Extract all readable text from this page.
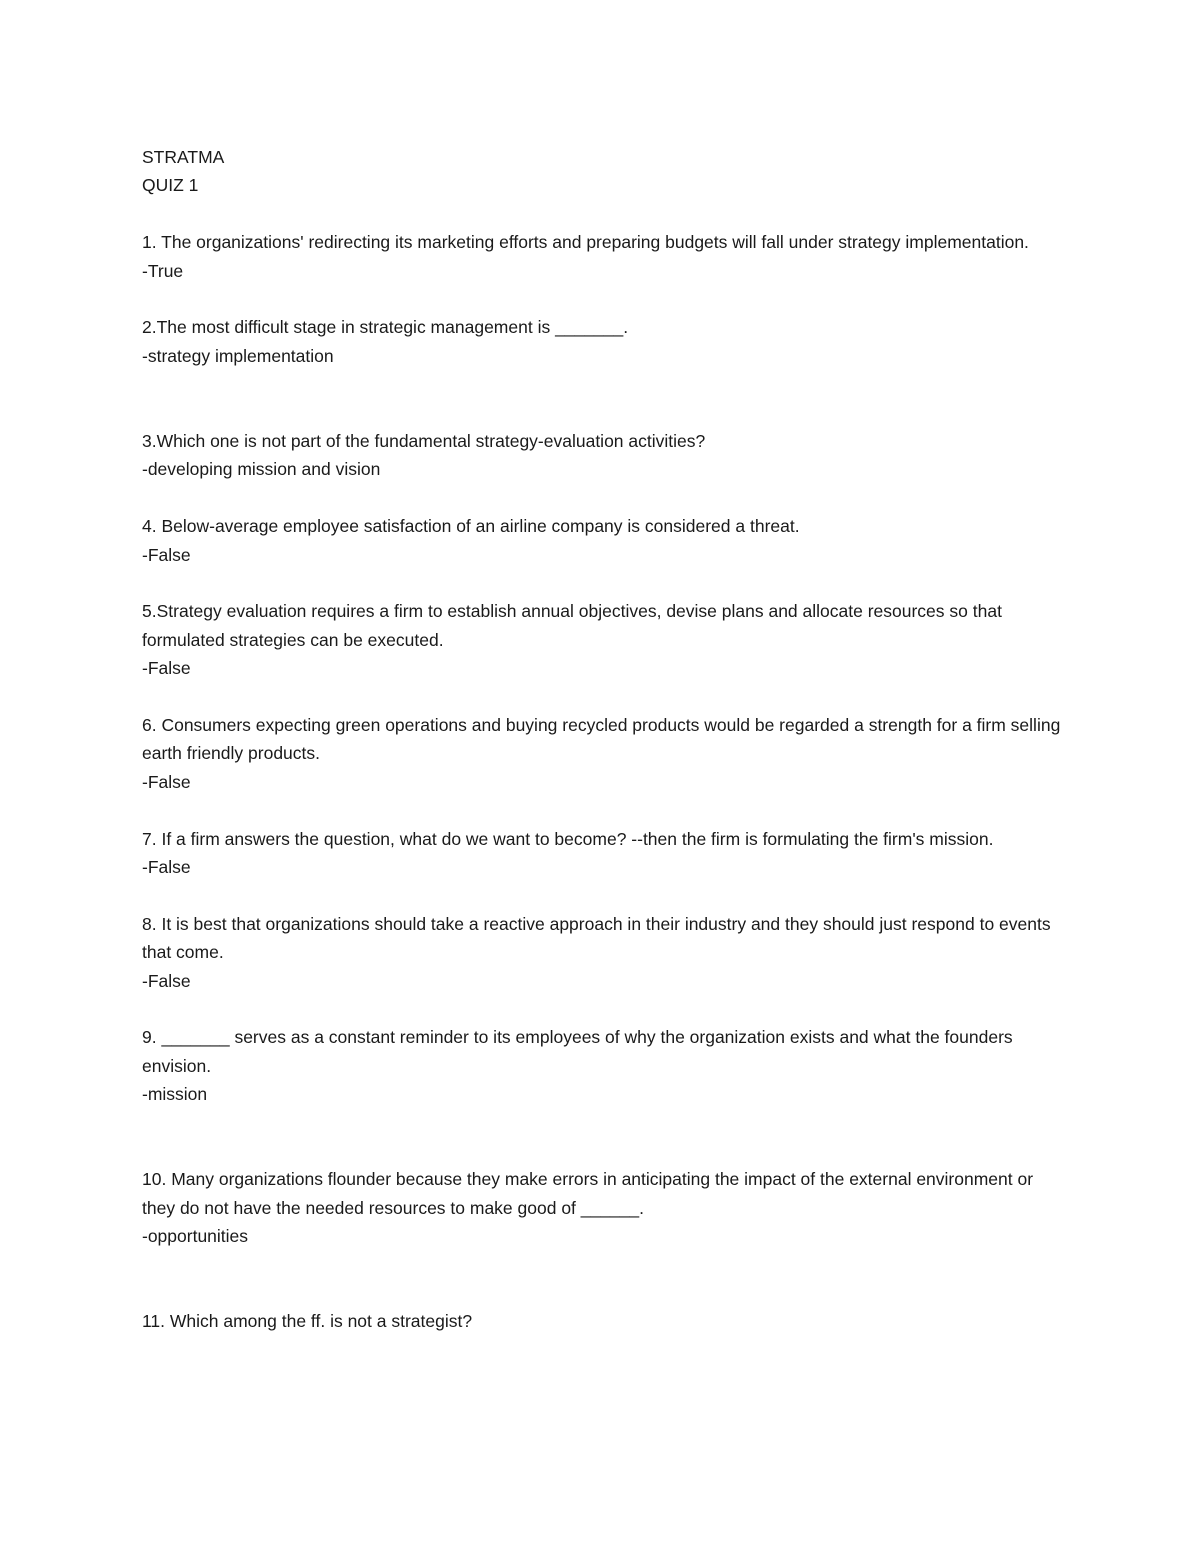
STRATMA
QUIZ 1
1. The organizations' redirecting its marketing efforts and preparing budgets will fall under strategy implementation.
-True
2.The most difficult stage in strategic management is _______.
-strategy implementation
3.Which one is not part of the fundamental strategy-evaluation activities?
-developing mission and vision
4. Below-average employee satisfaction of an airline company is considered a threat.
-False
5.Strategy evaluation requires a firm to establish annual objectives, devise plans and allocate resources so that formulated strategies can be executed.
-False
6. Consumers expecting green operations and buying recycled products would be regarded a strength for a firm selling earth friendly products.
-False
7. If a firm answers the question, what do we want to become? --then the firm is formulating the firm's mission.
-False
8. It is best that organizations should take a reactive approach in their industry and they should just respond to events that come.
-False
9. _______ serves as a constant reminder to its employees of why the organization exists and what the founders envision.
-mission
10. Many organizations flounder because they make errors in anticipating the impact of the external environment or they do not have the needed resources to make good of ______.
-opportunities
11. Which among the ff. is not a strategist?
